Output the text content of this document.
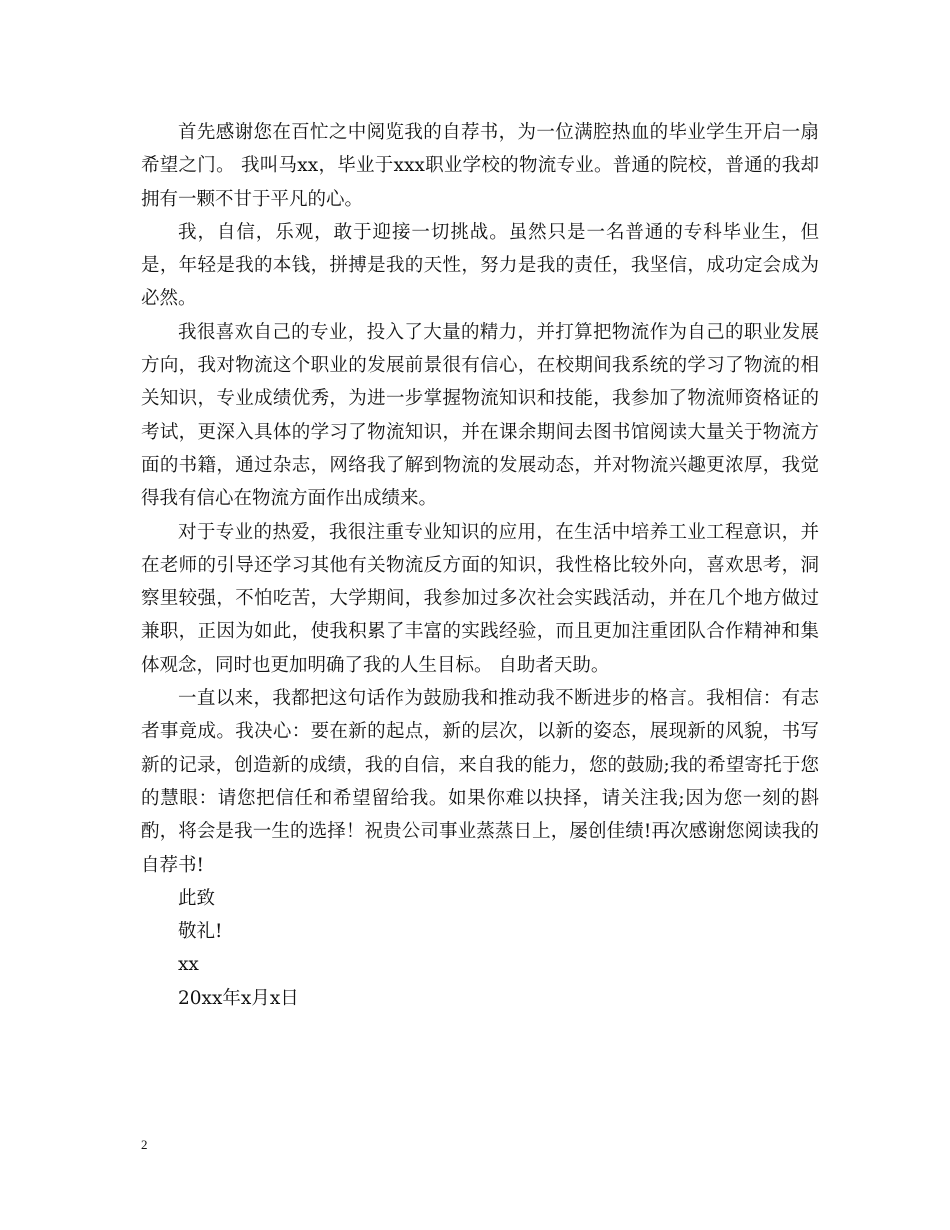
首先感谢您在百忙之中阅览我的自荐书，为一位满腔热血的毕业学生开启一扇希望之门。 我叫马xx，毕业于xxx职业学校的物流专业。普通的院校，普通的我却拥有一颗不甘于平凡的心。

我，自信，乐观，敢于迎接一切挑战。虽然只是一名普通的专科毕业生，但是，年轻是我的本钱，拼搏是我的天性，努力是我的责任，我坚信，成功定会成为必然。

我很喜欢自己的专业，投入了大量的精力，并打算把物流作为自己的职业发展方向，我对物流这个职业的发展前景很有信心，在校期间我系统的学习了物流的相关知识，专业成绩优秀，为进一步掌握物流知识和技能，我参加了物流师资格证的考试，更深入具体的学习了物流知识，并在课余期间去图书馆阅读大量关于物流方面的书籍，通过杂志，网络我了解到物流的发展动态，并对物流兴趣更浓厚，我觉得我有信心在物流方面作出成绩来。

对于专业的热爱，我很注重专业知识的应用，在生活中培养工业工程意识，并在老师的引导还学习其他有关物流反方面的知识，我性格比较外向，喜欢思考，洞察里较强，不怕吃苦，大学期间，我参加过多次社会实践活动，并在几个地方做过兼职，正因为如此，使我积累了丰富的实践经验，而且更加注重团队合作精神和集体观念，同时也更加明确了我的人生目标。 自助者天助。

一直以来，我都把这句话作为鼓励我和推动我不断进步的格言。我相信：有志者事竟成。我决心：要在新的起点，新的层次，以新的姿态，展现新的风貌，书写新的记录，创造新的成绩，我的自信，来自我的能力，您的鼓励;我的希望寄托于您的慧眼：请您把信任和希望留给我。如果你难以抉择，请关注我;因为您一刻的斟酌，将会是我一生的选择！祝贵公司事业蒸蒸日上，屡创佳绩!再次感谢您阅读我的自荐书!

此致

敬礼!

xx

20xx年x月x日

2
